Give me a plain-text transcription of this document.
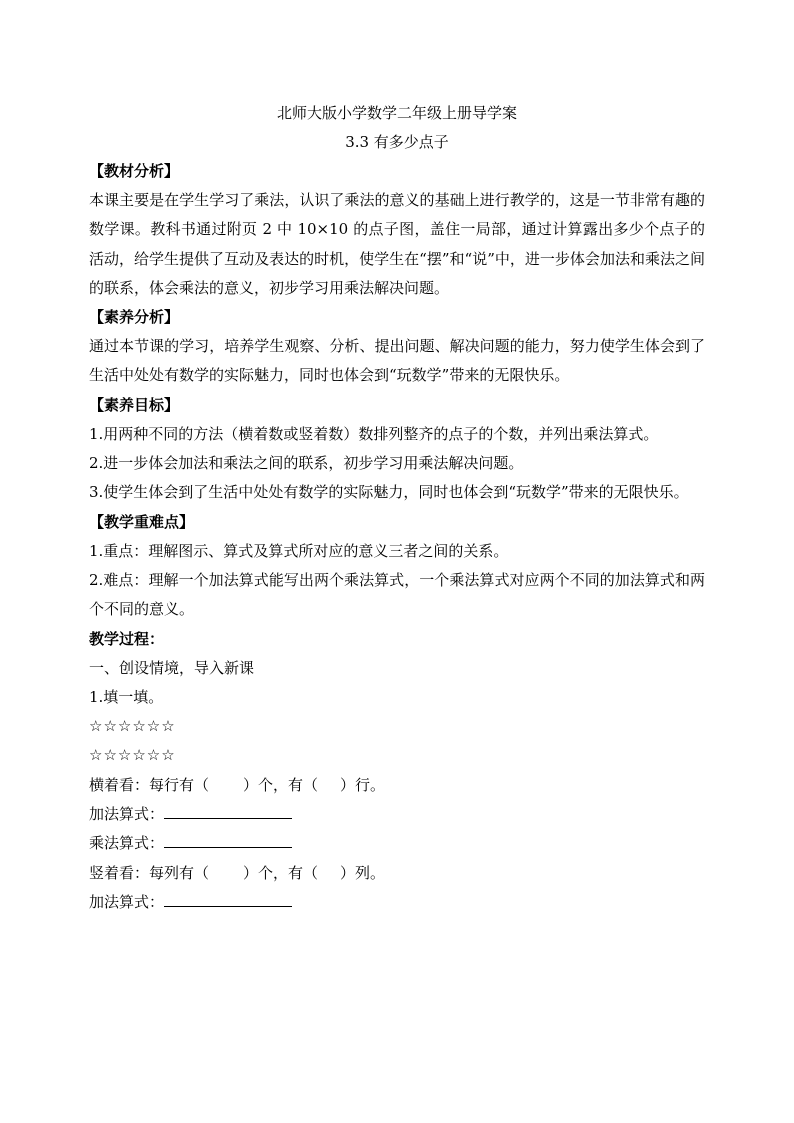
北师大版小学数学二年级上册导学案

3.3 有多少点子

【教材分析】

本课主要是在学生学习了乘法，认识了乘法的意义的基础上进行教学的，这是一节非常有趣的数学课。教科书通过附页 2 中 10×10 的点子图，盖住一局部，通过计算露出多少个点子的活动，给学生提供了互动及表达的时机，使学生在“摆”和“说”中，进一步体会加法和乘法之间的联系，体会乘法的意义，初步学习用乘法解决问题。

【素养分析】

通过本节课的学习，培养学生观察、分析、提出问题、解决问题的能力，努力使学生体会到了生活中处处有数学的实际魅力，同时也体会到“玩数学”带来的无限快乐。

【素养目标】

1.用两种不同的方法（横着数或竖着数）数排列整齐的点子的个数，并列出乘法算式。

2.进一步体会加法和乘法之间的联系，初步学习用乘法解决问题。

3.使学生体会到了生活中处处有数学的实际魅力，同时也体会到“玩数学”带来的无限快乐。

【教学重难点】

1.重点：理解图示、算式及算式所对应的意义三者之间的关系。

2.难点：理解一个加法算式能写出两个乘法算式，一个乘法算式对应两个不同的加法算式和两个不同的意义。

教学过程：

一、创设情境，导入新课

1.填一填。

☆☆☆☆☆☆

☆☆☆☆☆☆

横着看：每行有（ ）个，有（ ）行。

加法算式：

乘法算式：

竖着看：每列有（ ）个，有（ ）列。

加法算式：
